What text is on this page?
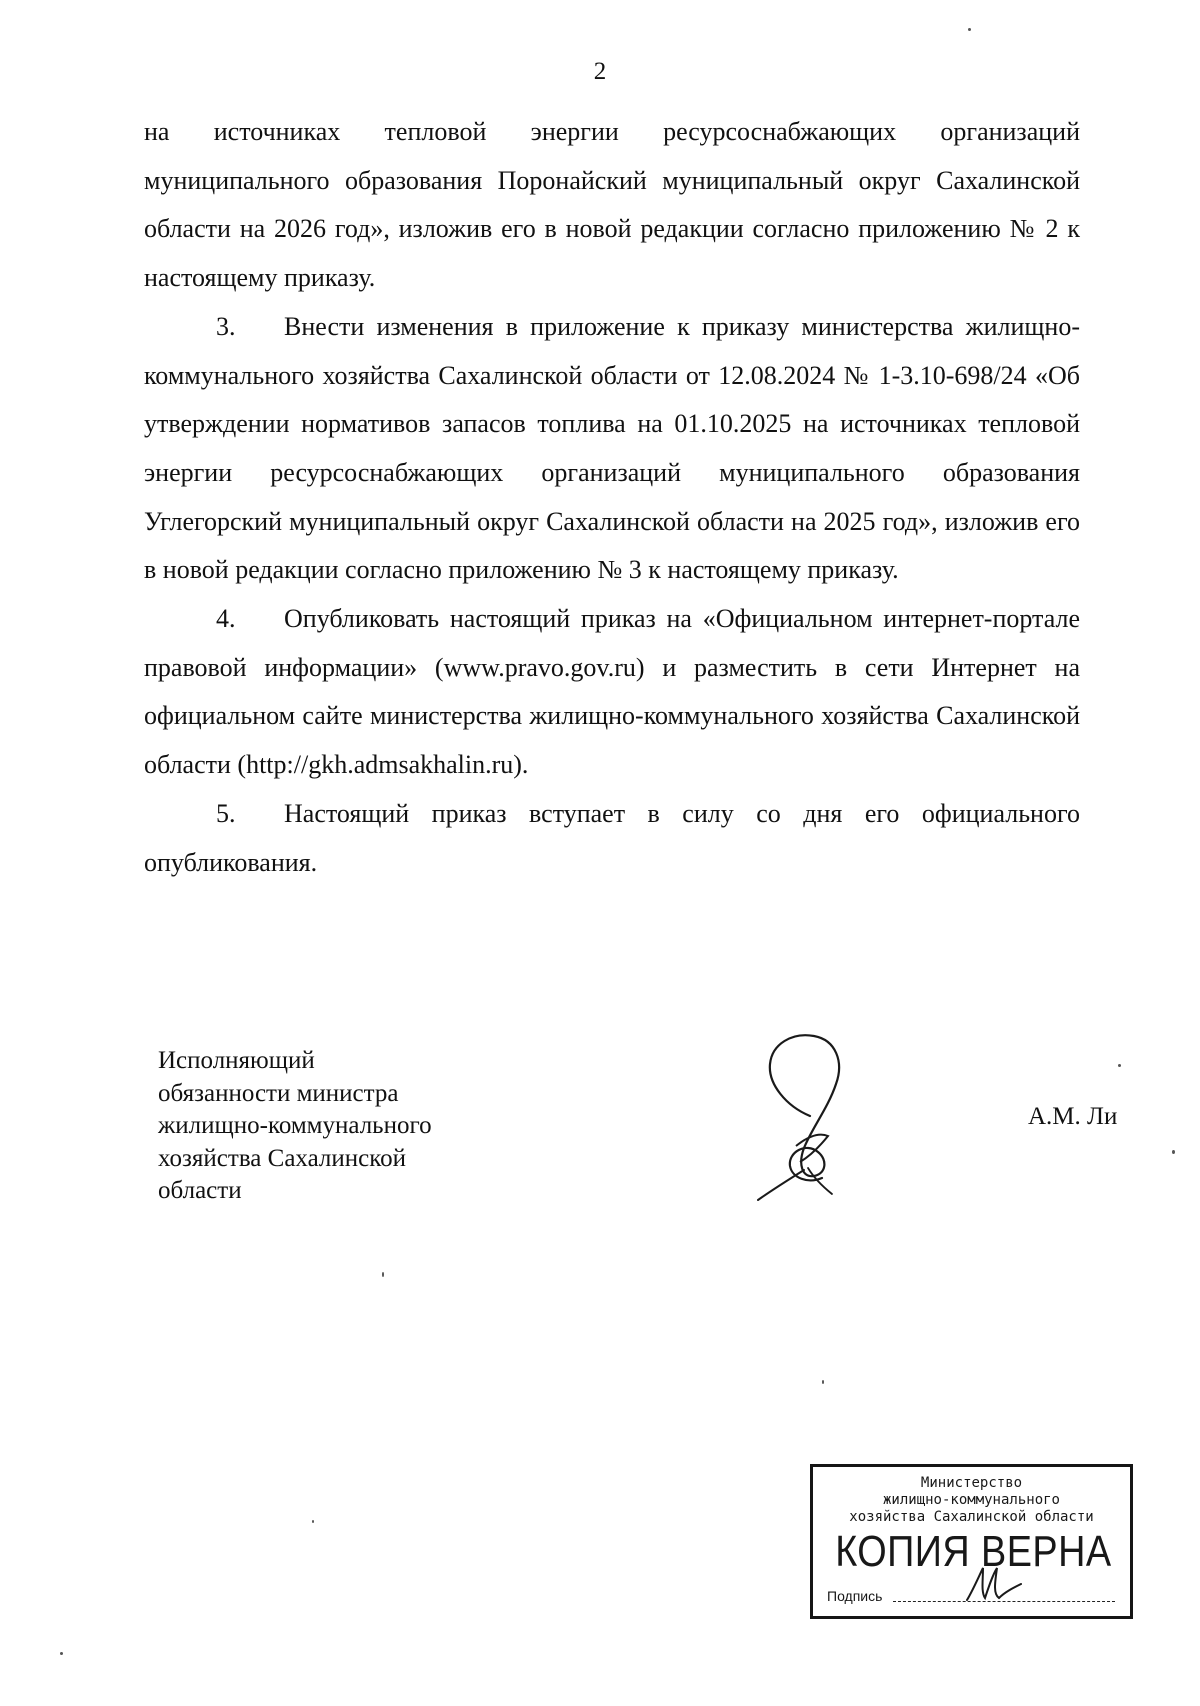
2

на источниках тепловой энергии ресурсоснабжающих организаций муниципального образования Поронайский муниципальный округ Сахалинской области на 2026 год», изложив его в новой редакции согласно приложению № 2 к настоящему приказу.

3. Внести изменения в приложение к приказу министерства жилищно-коммунального хозяйства Сахалинской области от 12.08.2024 № 1-3.10-698/24 «Об утверждении нормативов запасов топлива на 01.10.2025 на источниках тепловой энергии ресурсоснабжающих организаций муниципального образования Углегорский муниципальный округ Сахалинской области на 2025 год», изложив его в новой редакции согласно приложению № 3 к настоящему приказу.

4. Опубликовать настоящий приказ на «Официальном интернет-портале правовой информации» (www.pravo.gov.ru) и разместить в сети Интернет на официальном сайте министерства жилищно-коммунального хозяйства Сахалинской области (http://gkh.admsakhalin.ru).

5. Настоящий приказ вступает в силу со дня его официального опубликования.

Исполняющий
обязанности министра
жилищно-коммунального
хозяйства Сахалинской
области
А.М. Ли
Министерство
жилищно-коммунального
хозяйства Сахалинской области
КОПИЯ ВЕРНА
Подпись
